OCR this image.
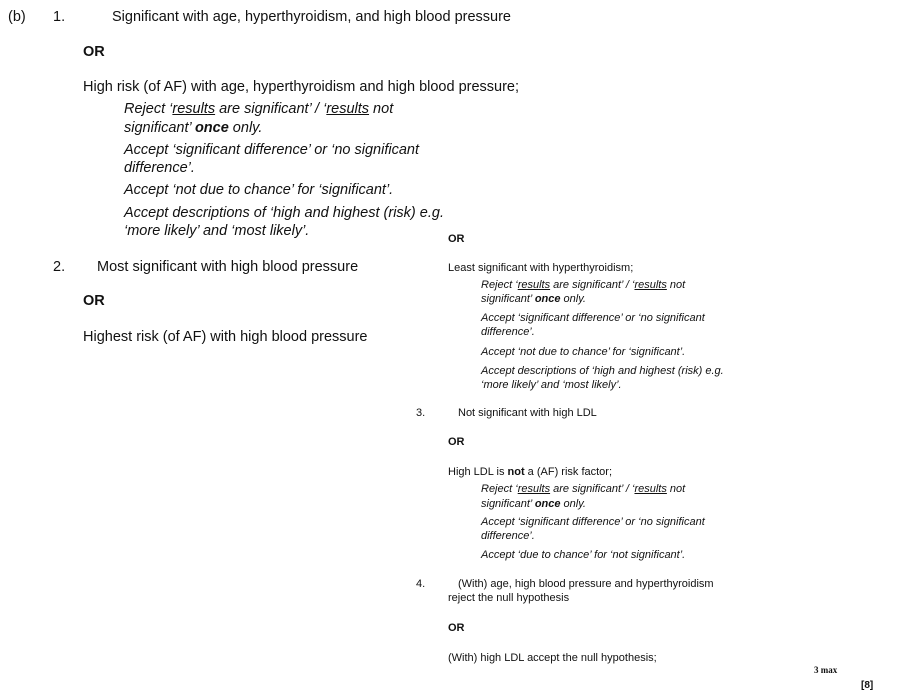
(b) 1.	Significant with age, hyperthyroidism, and high blood pressure
OR
High risk (of AF) with age, hyperthyroidism and high blood pressure;
Reject ‘results are significant’ / ‘results not
significant’ once only.
Accept ‘significant difference’ or ‘no significant
difference’.
Accept ‘not due to chance’ for ‘significant’.
Accept descriptions of ‘high and highest (risk) e.g.
‘more likely’ and ‘most likely’.	OR
2. Most significant with high blood pressure
OR
Highest risk (of AF) with high blood pressure
Least significant with hyperthyroidism;
Reject ‘results are significant’ / ‘results not
significant’ once only.
Accept ‘significant difference’ or ‘no significant
difference’.
Accept ‘not due to chance’ for ‘significant’.
Accept descriptions of ‘high and highest (risk) e.g.
‘more likely’ and ‘most likely’.
3.	Not significant with high LDL
OR
High LDL is not a (AF) risk factor;
Reject ‘results are significant’ / ‘results not
significant’ once only.
Accept ‘significant difference’ or ‘no significant
difference’.
Accept ‘due to chance’ for ‘not significant’.
4.	(With) age, high blood pressure and hyperthyroidism
reject the null hypothesis
OR
(With) high LDL accept the null hypothesis;
3 max
[8]
